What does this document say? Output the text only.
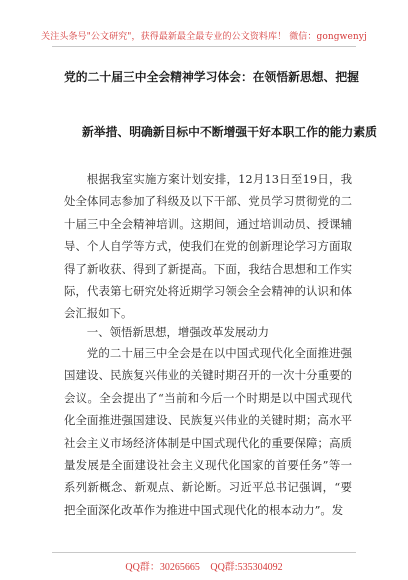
关注头条号"公文研究"，获得最新最全最专业的公文资料库！ 微信：gongwenyj
党的二十届三中全会精神学习体会：在领悟新思想、把握
新举措、明确新目标中不断增强干好本职工作的能力素质

根据我室实施方案计划安排，12月13日至19日，我处全体同志参加了科级及以下干部、党员学习贯彻党的二十届三中全会精神培训。这期间，通过培训动员、授课辅导、个人自学等方式，使我们在党的创新理论学习方面取得了新收获、得到了新提高。下面，我结合思想和工作实际，代表第七研究处将近期学习领会全会精神的认识和体会汇报如下。

一、领悟新思想，增强改革发展动力

党的二十届三中全会是在以中国式现代化全面推进强国建设、民族复兴伟业的关键时期召开的一次十分重要的会议。全会提出了“当前和今后一个时期是以中国式现代化全面推进强国建设、民族复兴伟业的关键时期；高水平社会主义市场经济体制是中国式现代化的重要保障；高质量发展是全面建设社会主义现代化国家的首要任务”等一系列新概念、新观点、新论断。习近平总书记强调，“要把全面深化改革作为推进中国式现代化的根本动力”。发

QQ群：30265665 QQ群:535304092
